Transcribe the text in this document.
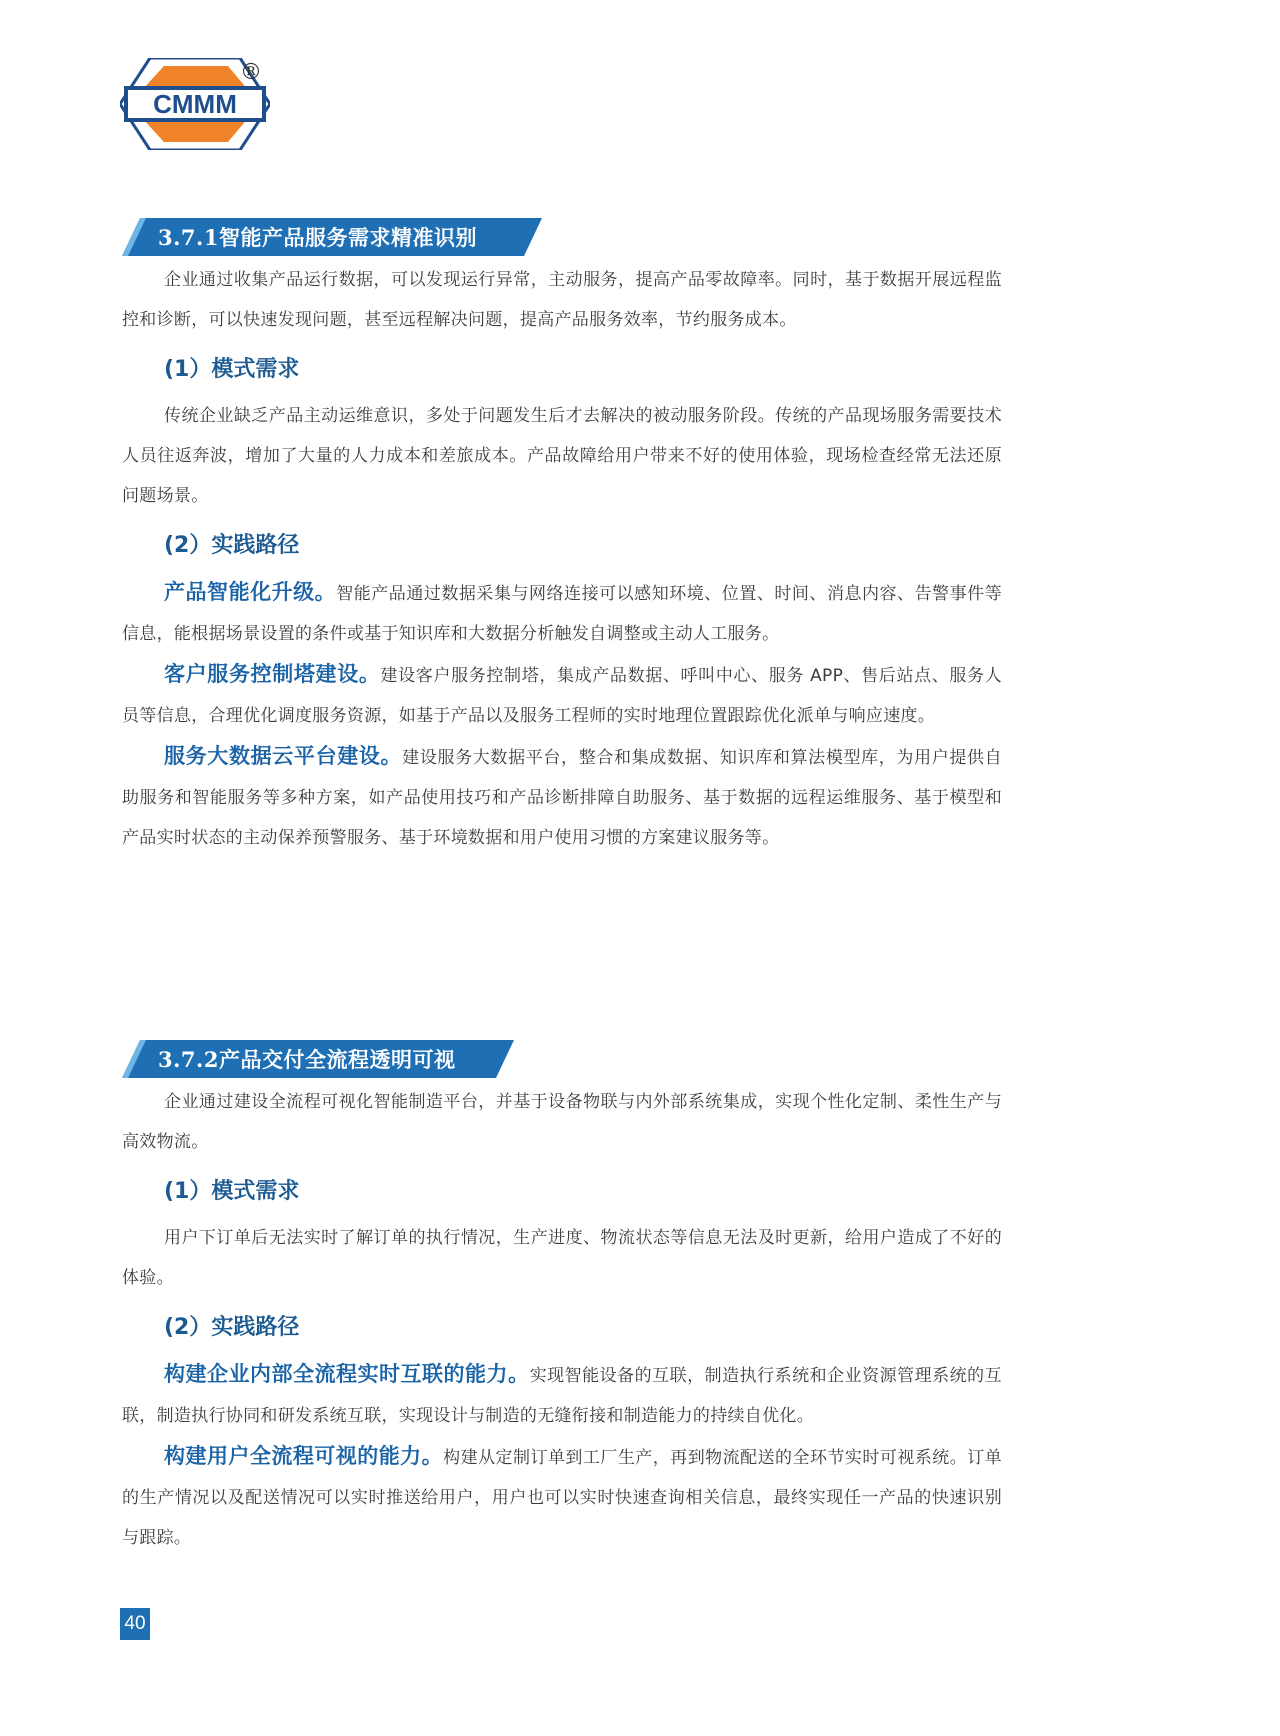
CMMM
®
3.7.1智能产品服务需求精准识别

企业通过收集产品运行数据，可以发现运行异常，主动服务，提高产品零故障率。同时，基于数据开展远程监控和诊断，可以快速发现问题，甚至远程解决问题，提高产品服务效率，节约服务成本。

(1）模式需求

传统企业缺乏产品主动运维意识，多处于问题发生后才去解决的被动服务阶段。传统的产品现场服务需要技术人员往返奔波，增加了大量的人力成本和差旅成本。产品故障给用户带来不好的使用体验，现场检查经常无法还原问题场景。

(2）实践路径

产品智能化升级。智能产品通过数据采集与网络连接可以感知环境、位置、时间、消息内容、告警事件等信息，能根据场景设置的条件或基于知识库和大数据分析触发自调整或主动人工服务。

客户服务控制塔建设。建设客户服务控制塔，集成产品数据、呼叫中心、服务 APP、售后站点、服务人员等信息，合理优化调度服务资源，如基于产品以及服务工程师的实时地理位置跟踪优化派单与响应速度。

服务大数据云平台建设。建设服务大数据平台，整合和集成数据、知识库和算法模型库，为用户提供自助服务和智能服务等多种方案，如产品使用技巧和产品诊断排障自助服务、基于数据的远程运维服务、基于模型和产品实时状态的主动保养预警服务、基于环境数据和用户使用习惯的方案建议服务等。

3.7.2产品交付全流程透明可视

企业通过建设全流程可视化智能制造平台，并基于设备物联与内外部系统集成，实现个性化定制、柔性生产与高效物流。

(1）模式需求

用户下订单后无法实时了解订单的执行情况，生产进度、物流状态等信息无法及时更新，给用户造成了不好的体验。

(2）实践路径

构建企业内部全流程实时互联的能力。实现智能设备的互联，制造执行系统和企业资源管理系统的互联，制造执行协同和研发系统互联，实现设计与制造的无缝衔接和制造能力的持续自优化。

构建用户全流程可视的能力。构建从定制订单到工厂生产，再到物流配送的全环节实时可视系统。订单的生产情况以及配送情况可以实时推送给用户，用户也可以实时快速查询相关信息，最终实现任一产品的快速识别与跟踪。

40
